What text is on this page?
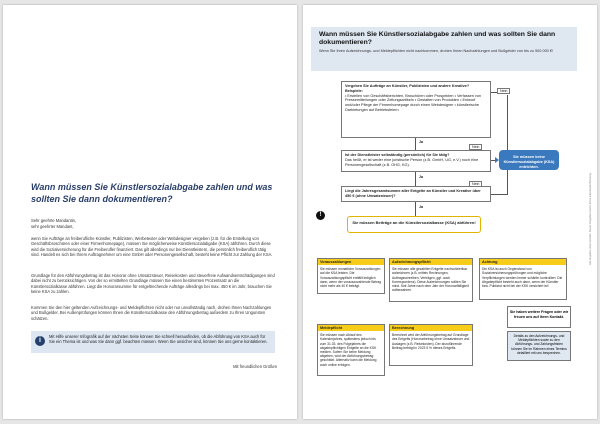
Wann müssen Sie Künstlersozialabgabe zahlen und was sollten Sie dann dokumentieren?
Sehr geehrte Mandantin,
sehr geehrter Mandant,
wenn Sie Aufträge an freiberufliche Künstler, Publizisten, Werbetexter oder Webdesigner vergeben (z.B. für die Erstellung von Geschäftsbroschüren oder einer Firmenhomepage), müssen Sie möglicherweise Künstlersozialabgabe (KSA) abführen. Durch diese wird die Sozialversicherung für die Freiberufler finanziert. Das gilt allerdings nur bei Dienstleistern, die persönlich freiberuflich tätig sind. Handelt es sich bei Ihrem Auftragnehmer um eine GmbH oder Personengesellschaft, besteht keine Pflicht zur Zahlung der KSA.
Grundlage für den Abführungsbetrag ist das Honorar ohne Umsatzsteuer, Reisekosten und steuerfreie Aufwandsentschädigungen sind dabei nicht zu berücksichtigen. Von der so ermittelten Grundlage müssen Sie einen bestimmten Prozentsatz an die Künstlersozialkasse abführen. Liegt die Honorarsumme für entgeltrechende Aufträge allerdings bei max. 450 € im Jahr, brauchen Sie keine KSA zu zahlen.
Kommen Sie den hier geltenden Aufzeichnungs- und Meldepflichten nicht oder nur unvollständig nach, drohen Ihnen Nachzahlungen und Bußgelder. Bei Außenprüfungen können Ihnen die Künstlersozialkasse den Abführungsbetrag außerdem zu Ihren Ungunsten schätzen.
i
Mit Hilfe unserer Infografik auf der nächsten Seite können Sie schnell herausfinden, ob die Abführung von KSA auch für Sie ein Thema ist und was Sie dann ggf. beachten müssen. Wenn Sie unsicher sind, können Sie uns gerne kontaktieren.
Mit freundlichen Grüßen
Wann müssen Sie Künstlersozialabgabe zahlen und was sollten Sie dann dokumentieren?
Wenn Sie Ihren Aufzeichnungs- und Meldepflichten nicht nachkommen, drohen Ihnen Nachzahlungen und Bußgelder von bis zu 500.000 €!
Vergeben Sie Aufträge an Künstler, Publizisten und andere Kreative?
Beispiele:
• Erstellen von Geschäftsberichten, Broschüren oder Prospekten • Verfassen von Pressemitteilungen oder Zeitungsartikeln • Gestalten von Produkten • Entwurf und/oder Pflege der Firmenhomepage durch einen Webdesigner • künstlerische Darbietungen auf Betriebsfeiern
Nein
Ja
Ist der Dienstleister selbständig (persönlich) für Sie tätig?
Das heißt, er ist weder eine juristische Person (z.B. GmbH, UG, e.V.) noch eine Personengesellschaft (z.B. OHG, KG).
Nein
Sie müssen keine Künstlersozialabgabe (KSA) entrichten.
Ja
Liegt die Jahresgesamtsumme aller Entgelte an Künstler und Kreative über 450 € (ohne Umsatzsteuer)?
Nein
Ja
!
Sie müssen Beiträge an die Künstlersozialkasse (KSA) abführen!
Vorauszahlungen
Sie müssen monatliche Vorauszahlungen auf die KSA leisten. Die Vorauszahlungspflicht entfällt lediglich dann, wenn der vorauszuzahlende Betrag nicht mehr als 40 € beträgt.
Aufzeichnungspflicht
Sie müssen alle gezahlten Entgelte nachvollziehbar aufzeichnen (z.B. mittels Rechnungen, Auftragsschreiben, Verträgen, ggf. auch Korrespondenz). Diese Aufzeichnungen sollten Sie mind. fünf Jahre nach dem Jahr der Honorarfälligkeit aufbewahren.
Achtung
Die KSA ist auch Gegenstand von Sozialversicherungsprüfungen und mögliche Verpflichtungen werden immer schärfer kontrolliert. Die Abgabepflicht besteht auch dann, wenn der Künstler bzw. Publizist nicht bei der KSK versichert ist!
Meldepflicht
Sie müssen nach Ablauf des Kalenderjahres, spätestens jedoch bis zum 31.03. des Folgejahres die abgabepflichtigen Entgelte an die KSK melden. Sofern Sie keine Meldung abgeben, wird der Abführungsbetrag geschätzt. Alternativ kann die Meldung auch online erfolgen.
Berechnung
Berechnet wird der Abführungsbetrag auf Grundlage des Entgelts (Honorarbetrag ohne Umsatzsteuer und Auslagen (z.B. Reisekosten). Der abzuführende Beitrag beträgt in 2023 5 % dieses Entgelts.
Sie haben weitere Fragen oder wir freuen uns auf Ihren Kontakt.
Details zu den Aufzeichnungs- und Meldepflichten sowie zu den Abführungs- und Zahlungsfristen können Sie im Rahmen eines Termins detailliert mit uns besprechen.
Alle Angaben ohne Gewähr. Dieser Ratgeber ersetzt keine individuelle Beratung.
